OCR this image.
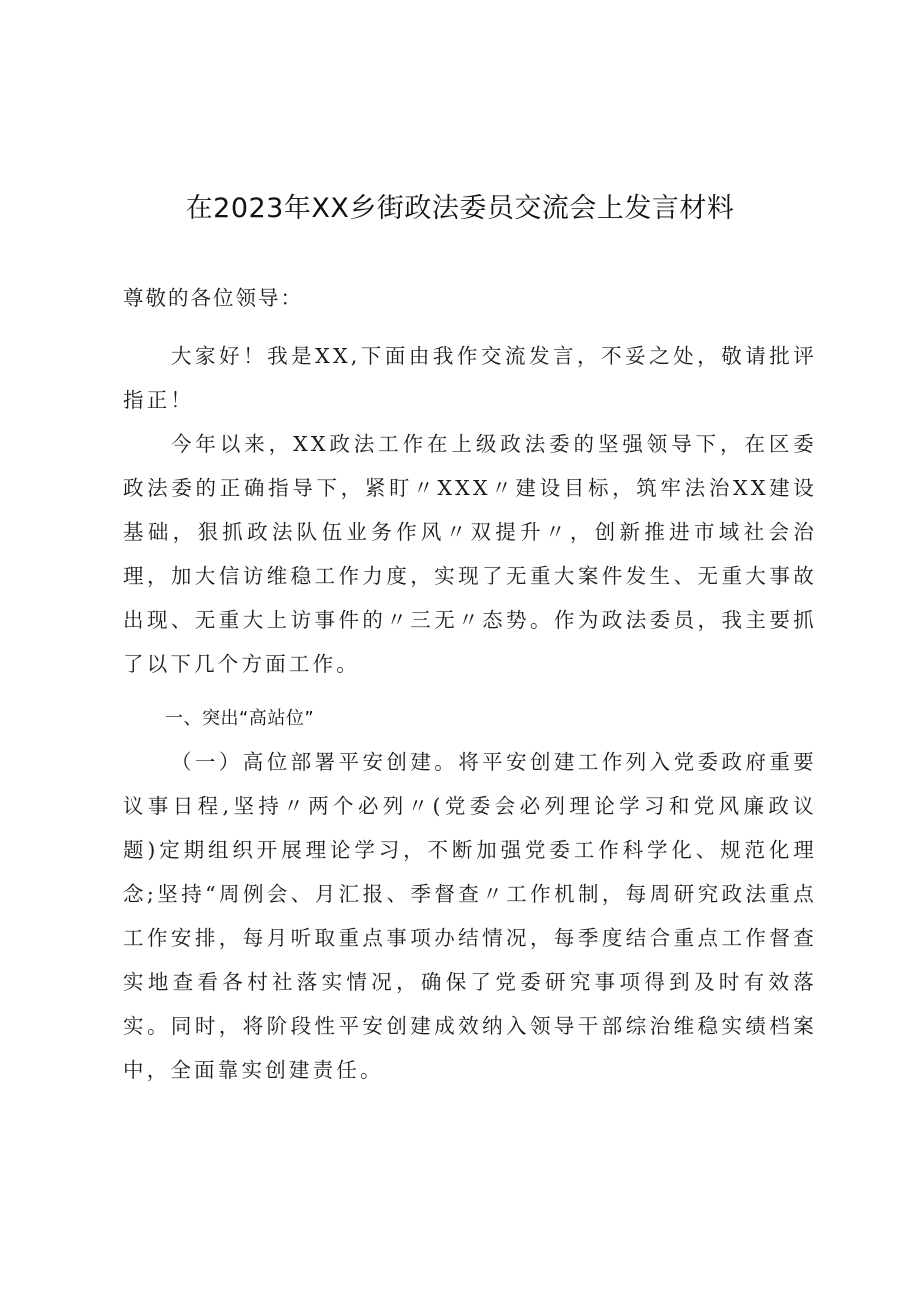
在2023年XX乡街政法委员交流会上发言材料

尊敬的各位领导：

大家好！我是XX,下面由我作交流发言，不妥之处，敬请批评指正！

今年以来，XX政法工作在上级政法委的坚强领导下，在区委政法委的正确指导下，紧盯〃XXX〃建设目标，筑牢法治XX建设基础，狠抓政法队伍业务作风〃双提升〃，创新推进市域社会治理，加大信访维稳工作力度，实现了无重大案件发生、无重大事故出现、无重大上访事件的〃三无〃态势。作为政法委员，我主要抓了以下几个方面工作。

一、突出“高站位”

（一）高位部署平安创建。将平安创建工作列入党委政府重要议事日程,坚持〃两个必列〃(党委会必列理论学习和党风廉政议题)定期组织开展理论学习，不断加强党委工作科学化、规范化理念;坚持“周例会、月汇报、季督查〃工作机制，每周研究政法重点工作安排，每月听取重点事项办结情况，每季度结合重点工作督查实地查看各村社落实情况，确保了党委研究事项得到及时有效落实。同时，将阶段性平安创建成效纳入领导干部综治维稳实绩档案中，全面靠实创建责任。
